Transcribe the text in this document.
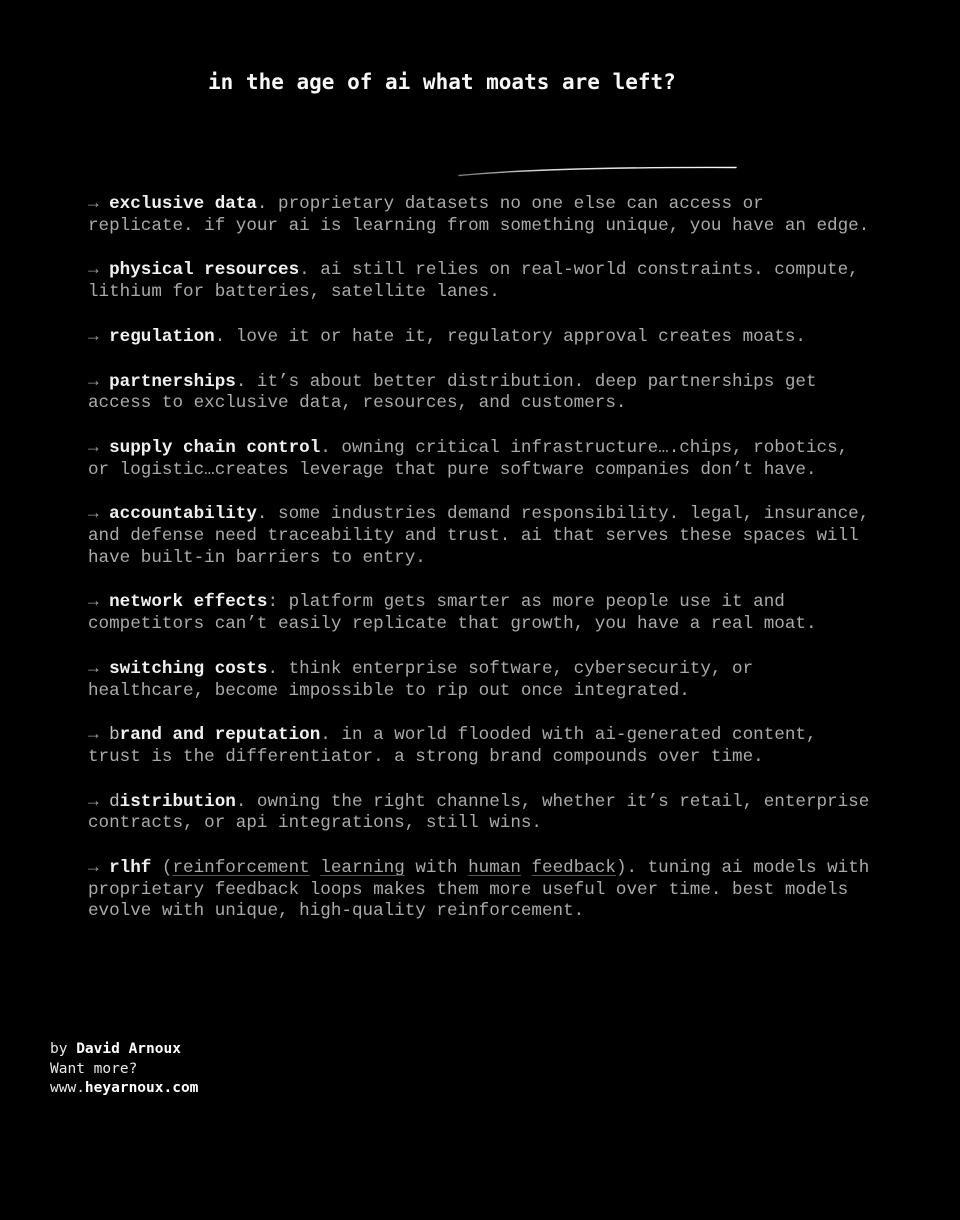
in the age of ai what moats are left?

→ exclusive data. proprietary datasets no one else can access or replicate. if your ai is learning from something unique, you have an edge.

→ physical resources. ai still relies on real-world constraints. compute, lithium for batteries, satellite lanes.

→ regulation. love it or hate it, regulatory approval creates moats.

→ partnerships. it’s about better distribution. deep partnerships get access to exclusive data, resources, and customers.

→ supply chain control. owning critical infrastructure….chips, robotics, or logistic…creates leverage that pure software companies don’t have.

→ accountability. some industries demand responsibility. legal, insurance, and defense need traceability and trust. ai that serves these spaces will have built-in barriers to entry.

→ network effects: platform gets smarter as more people use it and competitors can’t easily replicate that growth, you have a real moat.

→ switching costs. think enterprise software, cybersecurity, or healthcare, become impossible to rip out once integrated.

→ brand and reputation. in a world flooded with ai-generated content, trust is the differentiator. a strong brand compounds over time.

→ distribution. owning the right channels, whether it’s retail, enterprise contracts, or api integrations, still wins.

→ rlhf (reinforcement learning with human feedback). tuning ai models with proprietary feedback loops makes them more useful over time. best models evolve with unique, high-quality reinforcement.

by David Arnoux
Want more?
www.heyarnoux.com
